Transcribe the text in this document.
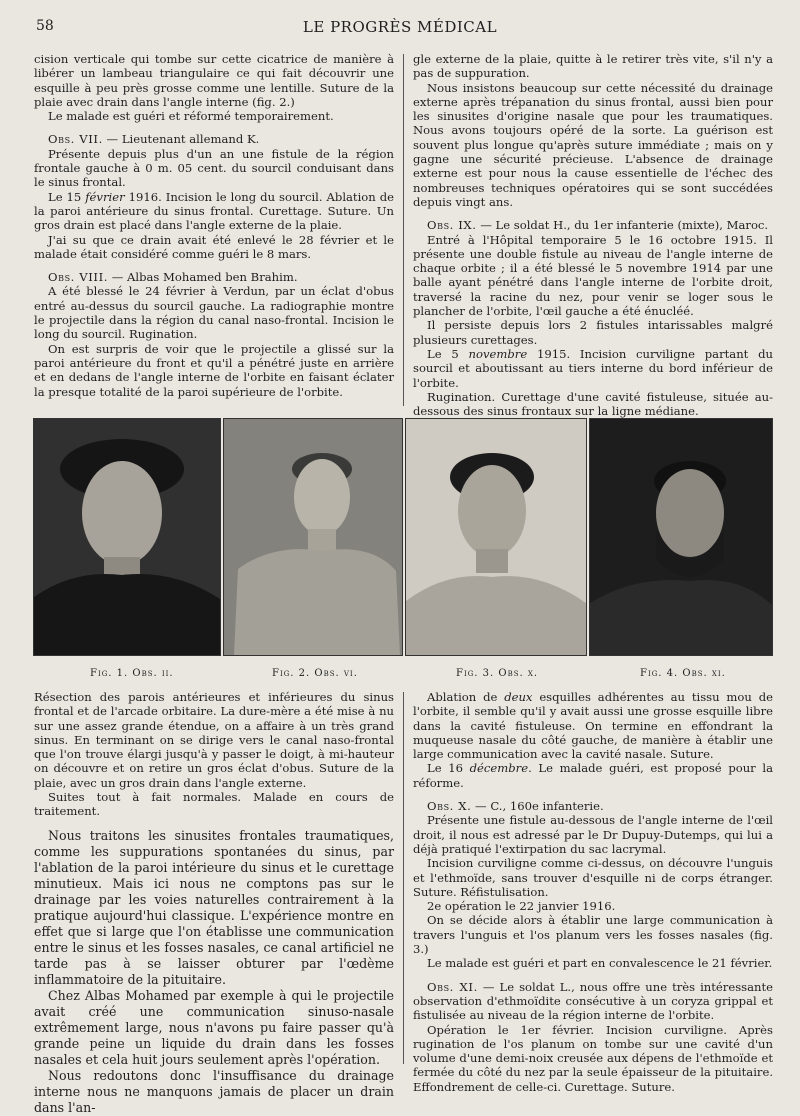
58	LE PROGRÈS MÉDICAL

cision verticale qui tombe sur cette cicatrice de manière à libérer un lambeau triangulaire ce qui fait découvrir une esquille à peu près grosse comme une lentille. Suture de la plaie avec drain dans l'angle interne (fig. 2.)

Le malade est guéri et réformé temporairement.

Obs. VII. — Lieutenant allemand K.

Présente depuis plus d'un an une fistule de la région frontale gauche à 0 m. 05 cent. du sourcil conduisant dans le sinus frontal.

Le 15 février 1916. Incision le long du sourcil. Ablation de la paroi antérieure du sinus frontal. Curettage. Suture. Un gros drain est placé dans l'angle externe de la plaie.

J'ai su que ce drain avait été enlevé le 28 février et le malade était considéré comme guéri le 8 mars.

Obs. VIII. — Albas Mohamed ben Brahim.

A été blessé le 24 février à Verdun, par un éclat d'obus entré au-dessus du sourcil gauche. La radiographie montre le projectile dans la région du canal naso-frontal. Incision le long du sourcil. Rugination.

On est surpris de voir que le projectile a glissé sur la paroi antérieure du front et qu'il a pénétré juste en arrière et en dedans de l'angle interne de l'orbite en faisant éclater la presque totalité de la paroi supérieure de l'orbite.

gle externe de la plaie, quitte à le retirer très vite, s'il n'y a pas de suppuration.

Nous insistons beaucoup sur cette nécessité du drainage externe après trépanation du sinus frontal, aussi bien pour les sinusites d'origine nasale que pour les traumatiques. Nous avons toujours opéré de la sorte. La guérison est souvent plus longue qu'après suture immédiate ; mais on y gagne une sécurité précieuse. L'absence de drainage externe est pour nous la cause essentielle de l'échec des nombreuses techniques opératoires qui se sont succédées depuis vingt ans.

Obs. IX. — Le soldat H., du 1er infanterie (mixte), Maroc.

Entré à l'Hôpital temporaire 5 le 16 octobre 1915. Il présente une double fistule au niveau de l'angle interne de chaque orbite ; il a été blessé le 5 novembre 1914 par une balle ayant pénétré dans l'angle interne de l'orbite droit, traversé la racine du nez, pour venir se loger sous le plancher de l'orbite, l'œil gauche a été énucléé.

Il persiste depuis lors 2 fistules intarissables malgré plusieurs curettages.

Le 5 novembre 1915. Incision curviligne partant du sourcil et aboutissant au tiers interne du bord inférieur de l'orbite.

Rugination. Curettage d'une cavité fistuleuse, située au-dessous des sinus frontaux sur la ligne médiane.

Fig. 1. Obs. ii.	Fig. 2. Obs. vi.	Fig. 3. Obs. x.	Fig. 4. Obs. xi.

Résection des parois antérieures et inférieures du sinus frontal et de l'arcade orbitaire. La dure-mère a été mise à nu sur une assez grande étendue, on a affaire à un très grand sinus. En terminant on se dirige vers le canal naso-frontal que l'on trouve élargi jusqu'à y passer le doigt, à mi-hauteur on découvre et on retire un gros éclat d'obus. Suture de la plaie, avec un gros drain dans l'angle externe.

Suites tout à fait normales. Malade en cours de traitement.

Nous traitons les sinusites frontales traumatiques, comme les suppurations spontanées du sinus, par l'ablation de la paroi intérieure du sinus et le curettage minutieux. Mais ici nous ne comptons pas sur le drainage par les voies naturelles contrairement à la pratique aujourd'hui classique. L'expérience montre en effet que si large que l'on établisse une communication entre le sinus et les fosses nasales, ce canal artificiel ne tarde pas à se laisser obturer par l'œdème inflammatoire de la pituitaire.

Chez Albas Mohamed par exemple à qui le projectile avait créé une communication sinuso-nasale extrêmement large, nous n'avons pu faire passer qu'à grande peine un liquide du drain dans les fosses nasales et cela huit jours seulement après l'opération.

Nous redoutons donc l'insuffisance du drainage interne nous ne manquons jamais de placer un drain dans l'an-

Ablation de deux esquilles adhérentes au tissu mou de l'orbite, il semble qu'il y avait aussi une grosse esquille libre dans la cavité fistuleuse. On termine en effondrant la muqueuse nasale du côté gauche, de manière à établir une large communication avec la cavité nasale. Suture.

Le 16 décembre. Le malade guéri, est proposé pour la réforme.

Obs. X. — C., 160e infanterie.

Présente une fistule au-dessous de l'angle interne de l'œil droit, il nous est adressé par le Dr Dupuy-Dutemps, qui lui a déjà pratiqué l'extirpation du sac lacrymal.

Incision curviligne comme ci-dessus, on découvre l'unguis et l'ethmoïde, sans trouver d'esquille ni de corps étranger. Suture. Réfistulisation.

2e opération le 22 janvier 1916.

On se décide alors à établir une large communication à travers l'unguis et l'os planum vers les fosses nasales (fig. 3.)

Le malade est guéri et part en convalescence le 21 février.

Obs. XI. — Le soldat L., nous offre une très intéressante observation d'ethmoïdite consécutive à un coryza grippal et fistulisée au niveau de la région interne de l'orbite.

Opération le 1er février. Incision curviligne. Après rugination de l'os planum on tombe sur une cavité d'un volume d'une demi-noix creusée aux dépens de l'ethmoïde et fermée du côté du nez par la seule épaisseur de la pituitaire. Effondrement de celle-ci. Curettage. Suture.
